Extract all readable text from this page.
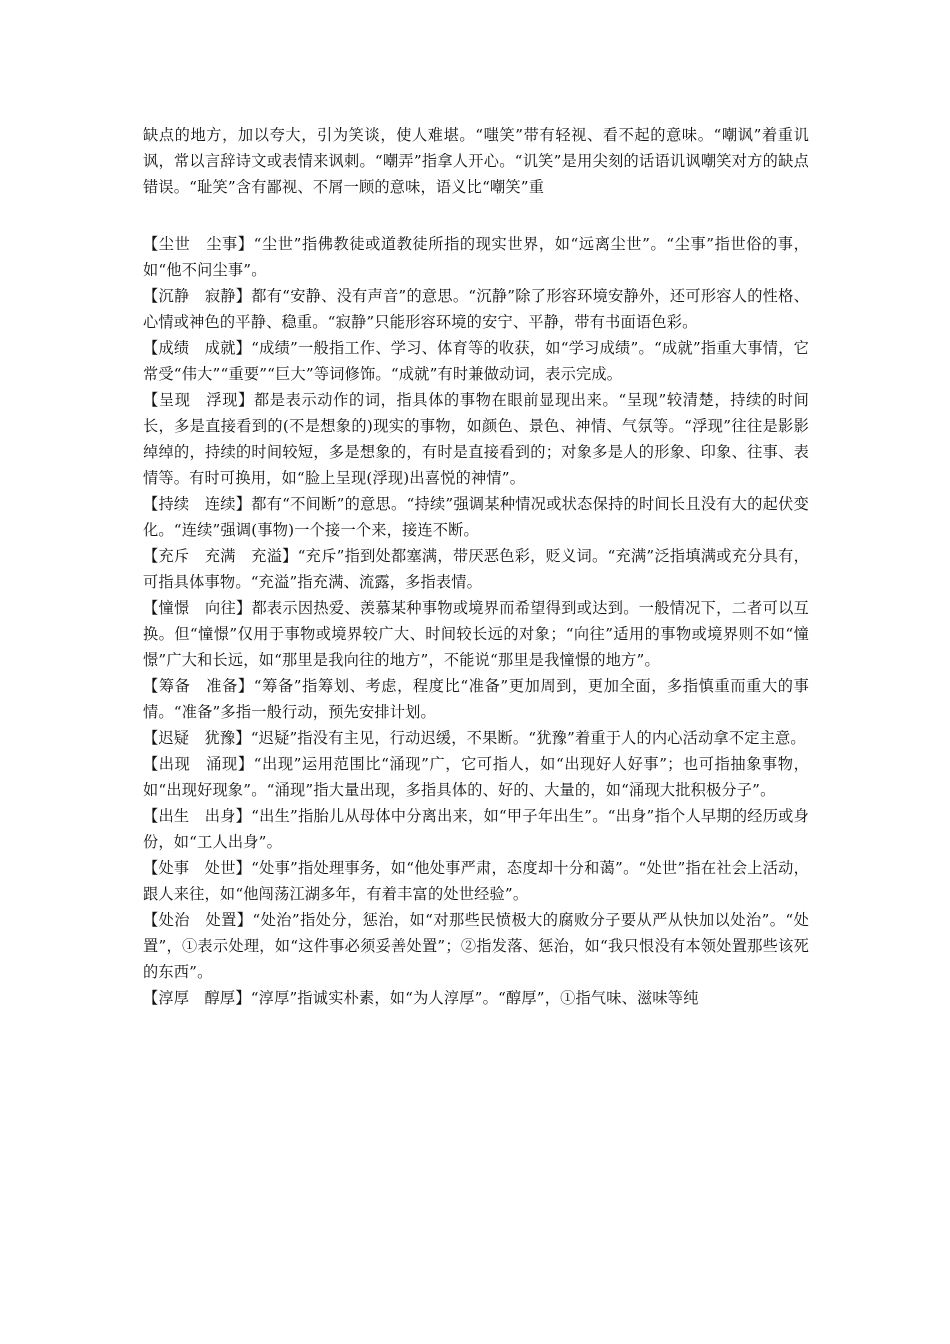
缺点的地方，加以夸大，引为笑谈，使人难堪。“嗤笑”带有轻视、看不起的意味。“嘲讽”着重讥讽，常以言辞诗文或表情来讽刺。“嘲弄”指拿人开心。“讥笑”是用尖刻的话语讥讽嘲笑对方的缺点错误。“耻笑”含有鄙视、不屑一顾的意味，语义比“嘲笑”重

【尘世　尘事】“尘世”指佛教徒或道教徒所指的现实世界，如“远离尘世”。“尘事”指世俗的事，如“他不问尘事”。

【沉静　寂静】都有“安静、没有声音”的意思。“沉静”除了形容环境安静外，还可形容人的性格、心情或神色的平静、稳重。“寂静”只能形容环境的安宁、平静，带有书面语色彩。

【成绩　成就】“成绩”一般指工作、学习、体育等的收获，如“学习成绩”。“成就”指重大事情，它常受“伟大”“重要”“巨大”等词修饰。“成就”有时兼做动词，表示完成。

【呈现　浮现】都是表示动作的词，指具体的事物在眼前显现出来。“呈现”较清楚，持续的时间长，多是直接看到的(不是想象的)现实的事物，如颜色、景色、神情、气氛等。“浮现”往往是影影绰绰的，持续的时间较短，多是想象的，有时是直接看到的；对象多是人的形象、印象、往事、表情等。有时可换用，如“脸上呈现(浮现)出喜悦的神情”。

【持续　连续】都有“不间断”的意思。“持续”强调某种情况或状态保持的时间长且没有大的起伏变化。“连续”强调(事物)一个接一个来，接连不断。

【充斥　充满　充溢】“充斥”指到处都塞满，带厌恶色彩，贬义词。“充满”泛指填满或充分具有，可指具体事物。“充溢”指充满、流露，多指表情。

【憧憬　向往】都表示因热爱、羡慕某种事物或境界而希望得到或达到。一般情况下，二者可以互换。但“憧憬”仅用于事物或境界较广大、时间较长远的对象；“向往”适用的事物或境界则不如“憧憬”广大和长远，如“那里是我向往的地方”，不能说“那里是我憧憬的地方”。

【筹备　准备】“筹备”指筹划、考虑，程度比“准备”更加周到，更加全面，多指慎重而重大的事情。“准备”多指一般行动，预先安排计划。

【迟疑　犹豫】“迟疑”指没有主见，行动迟缓，不果断。“犹豫”着重于人的内心活动拿不定主意。

【出现　涌现】“出现”运用范围比“涌现”广，它可指人，如“出现好人好事”；也可指抽象事物，如“出现好现象”。“涌现”指大量出现，多指具体的、好的、大量的，如“涌现大批积极分子”。

【出生　出身】“出生”指胎儿从母体中分离出来，如“甲子年出生”。“出身”指个人早期的经历或身份，如“工人出身”。

【处事　处世】“处事”指处理事务，如“他处事严肃，态度却十分和蔼”。“处世”指在社会上活动，跟人来往，如“他闯荡江湖多年，有着丰富的处世经验”。

【处治　处置】“处治”指处分，惩治，如“对那些民愤极大的腐败分子要从严从快加以处治”。“处置”，①表示处理，如“这件事必须妥善处置”；②指发落、惩治，如“我只恨没有本领处置那些该死的东西”。

【淳厚　醇厚】“淳厚”指诚实朴素，如“为人淳厚”。“醇厚”，①指气味、滋味等纯
